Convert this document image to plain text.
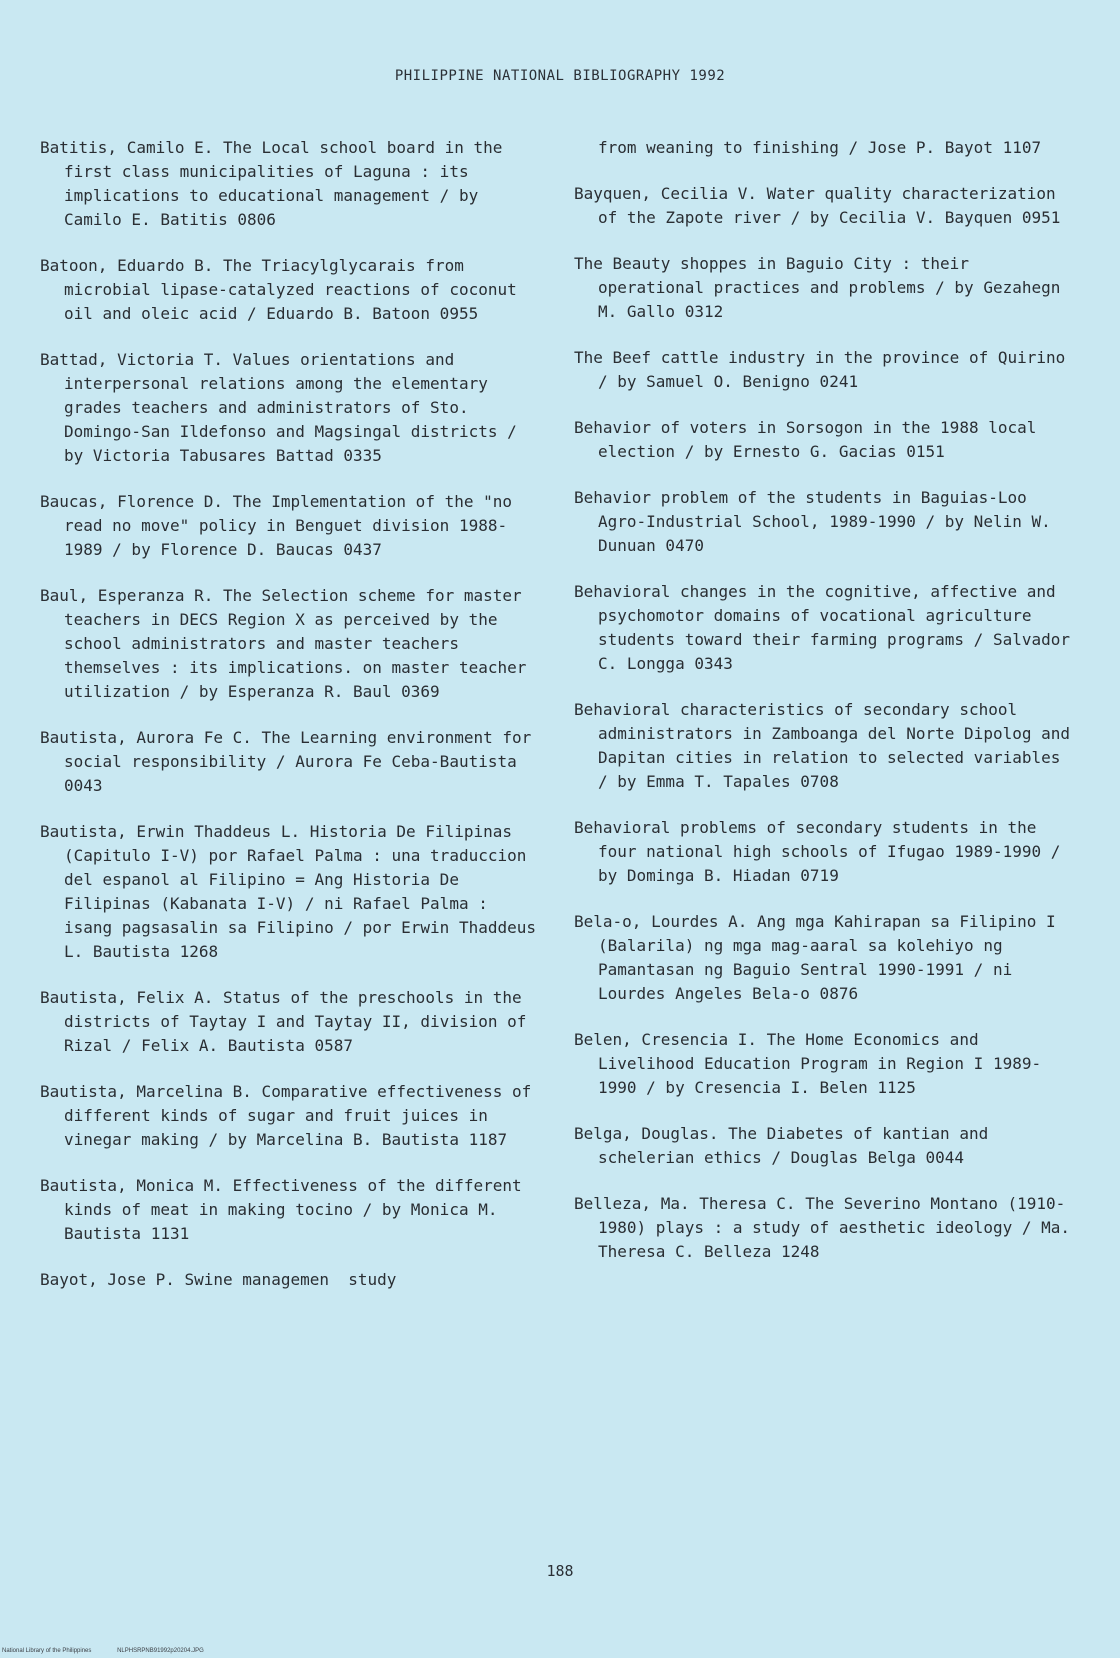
PHILIPPINE NATIONAL BIBLIOGRAPHY 1992

Batitis, Camilo E. The Local school board in the first class municipalities of Laguna : its implications to educational management / by Camilo E. Batitis 0806

Batoon, Eduardo B. The Triacylglycarais from microbial lipase-catalyzed reactions of coconut oil and oleic acid / Eduardo B. Batoon 0955

Battad, Victoria T. Values orientations and interpersonal relations among the elementary grades teachers and administrators of Sto. Domingo-San Ildefonso and Magsingal districts / by Victoria Tabusares Battad 0335

Baucas, Florence D. The Implementation of the "no read no move" policy in Benguet division 1988-1989 / by Florence D. Baucas 0437

Baul, Esperanza R. The Selection scheme for master teachers in DECS Region X as perceived by the school administrators and master teachers themselves : its implications. on master teacher utilization / by Esperanza R. Baul 0369

Bautista, Aurora Fe C. The Learning environment for social responsibility / Aurora Fe Ceba-Bautista 0043

Bautista, Erwin Thaddeus L. Historia De Filipinas (Capitulo I-V) por Rafael Palma : una traduccion del espanol al Filipino = Ang Historia De Filipinas (Kabanata I-V) / ni Rafael Palma : isang pagsasalin sa Filipino / por Erwin Thaddeus L. Bautista 1268

Bautista, Felix A. Status of the preschools in the districts of Taytay I and Taytay II, division of Rizal / Felix A. Bautista 0587

Bautista, Marcelina B. Comparative effectiveness of different kinds of sugar and fruit juices in vinegar making / by Marcelina B. Bautista 1187

Bautista, Monica M. Effectiveness of the different kinds of meat in making tocino / by Monica M. Bautista 1131

Bayot, Jose P. Swine managemen  study

from weaning to finishing / Jose P. Bayot 1107

Bayquen, Cecilia V. Water quality characterization of the Zapote river / by Cecilia V. Bayquen 0951

The Beauty shoppes in Baguio City : their operational practices and problems / by Gezahegn M. Gallo 0312

The Beef cattle industry in the province of Quirino / by Samuel O. Benigno 0241

Behavior of voters in Sorsogon in the 1988 local election / by Ernesto G. Gacias 0151

Behavior problem of the students in Baguias-Loo Agro-Industrial School, 1989-1990 / by Nelin W. Dunuan 0470

Behavioral changes in the cognitive, affective and psychomotor domains of vocational agriculture students toward their farming programs / Salvador C. Longga 0343

Behavioral characteristics of secondary school administrators in Zamboanga del Norte Dipolog and Dapitan cities in relation to selected variables / by Emma T. Tapales 0708

Behavioral problems of secondary students in the four national high schools of Ifugao 1989-1990 / by Dominga B. Hiadan 0719

Bela-o, Lourdes A. Ang mga Kahirapan sa Filipino I (Balarila) ng mga mag-aaral sa kolehiyo ng Pamantasan ng Baguio Sentral 1990-1991 / ni Lourdes Angeles Bela-o 0876

Belen, Cresencia I. The Home Economics and Livelihood Education Program in Region I 1989-1990 / by Cresencia I. Belen 1125

Belga, Douglas. The Diabetes of kantian and schelerian ethics / Douglas Belga 0044

Belleza, Ma. Theresa C. The Severino Montano (1910-1980) plays : a study of aesthetic ideology / Ma. Theresa C. Belleza 1248

188
National Library of the Philippines	NLPHSRPNB91992p20204.JPG
